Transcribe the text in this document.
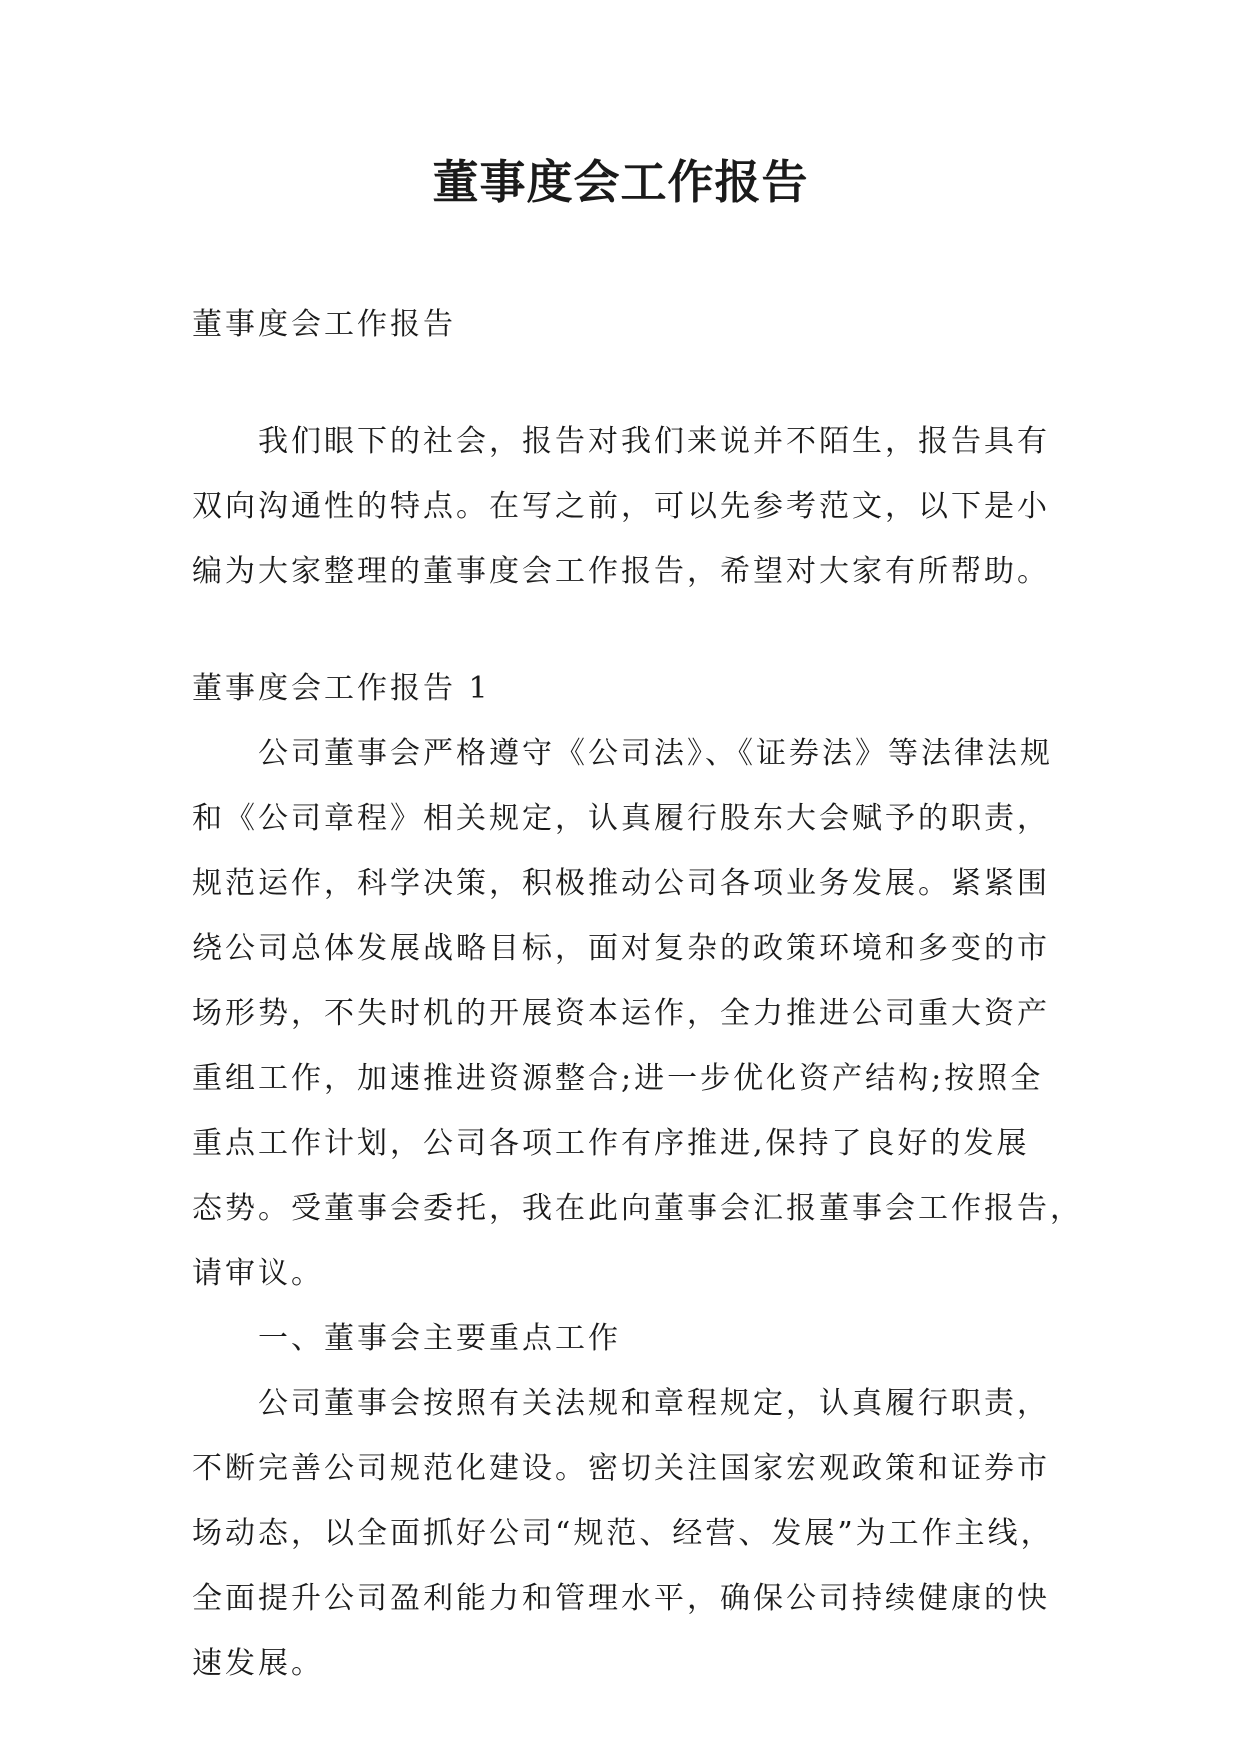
董事度会工作报告
董事度会工作报告
　　我们眼下的社会，报告对我们来说并不陌生，报告具有
双向沟通性的特点。在写之前，可以先参考范文，以下是小
编为大家整理的董事度会工作报告，希望对大家有所帮助。
董事度会工作报告 1
　　公司董事会严格遵守《公司法》、《证券法》等法律法规
和《公司章程》相关规定，认真履行股东大会赋予的职责，
规范运作，科学决策，积极推动公司各项业务发展。紧紧围
绕公司总体发展战略目标，面对复杂的政策环境和多变的市
场形势，不失时机的开展资本运作，全力推进公司重大资产
重组工作，加速推进资源整合;进一步优化资产结构;按照全
重点工作计划，公司各项工作有序推进,保持了良好的发展
态势。受董事会委托，我在此向董事会汇报董事会工作报告，
请审议。
　　一、董事会主要重点工作
　　公司董事会按照有关法规和章程规定，认真履行职责，
不断完善公司规范化建设。密切关注国家宏观政策和证券市
场动态，以全面抓好公司“规范、经营、发展”为工作主线，
全面提升公司盈利能力和管理水平，确保公司持续健康的快
速发展。
